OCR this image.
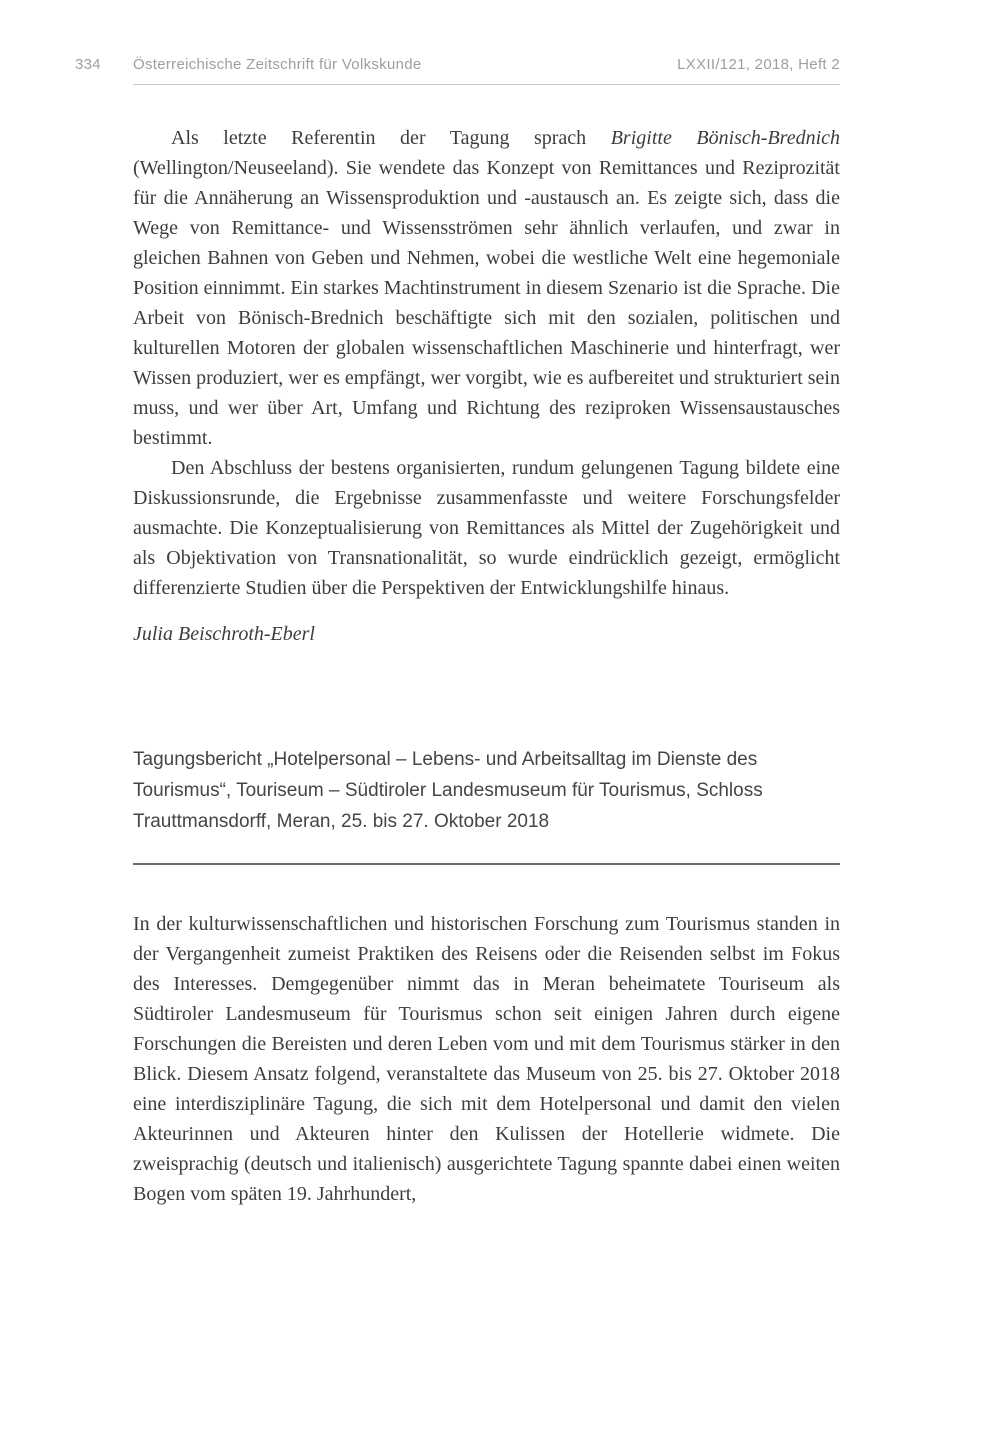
334	Österreichische Zeitschrift für Volkskunde	LXXII/121, 2018, Heft 2

Als letzte Referentin der Tagung sprach Brigitte Bönisch-Brednich (Wellington/Neuseeland). Sie wendete das Konzept von Remittances und Reziprozität für die Annäherung an Wissensproduktion und -austausch an. Es zeigte sich, dass die Wege von Remittance- und Wissensströmen sehr ähnlich verlaufen, und zwar in gleichen Bahnen von Geben und Nehmen, wobei die westliche Welt eine hegemoniale Position einnimmt. Ein starkes Machtinstrument in diesem Szenario ist die Sprache. Die Arbeit von Bönisch-Brednich beschäftigte sich mit den sozialen, politischen und kulturellen Motoren der globalen wissenschaftlichen Maschinerie und hinterfragt, wer Wissen produziert, wer es empfängt, wer vorgibt, wie es aufbereitet und strukturiert sein muss, und wer über Art, Umfang und Richtung des reziproken Wissensaustausches bestimmt.

Den Abschluss der bestens organisierten, rundum gelungenen Tagung bildete eine Diskussionsrunde, die Ergebnisse zusammenfasste und weitere Forschungsfelder ausmachte. Die Konzeptualisierung von Remittances als Mittel der Zugehörigkeit und als Objektivation von Transnationalität, so wurde eindrücklich gezeigt, ermöglicht differenzierte Studien über die Perspektiven der Entwicklungshilfe hinaus.

Julia Beischroth-Eberl

Tagungsbericht „Hotelpersonal – Lebens- und Arbeitsalltag im Dienste des Tourismus“, Touriseum – Südtiroler Landesmuseum für Tourismus, Schloss Trauttmansdorff, Meran, 25. bis 27. Oktober 2018

In der kulturwissenschaftlichen und historischen Forschung zum Tourismus standen in der Vergangenheit zumeist Praktiken des Reisens oder die Reisenden selbst im Fokus des Interesses. Demgegenüber nimmt das in Meran beheimatete Touriseum als Südtiroler Landesmuseum für Tourismus schon seit einigen Jahren durch eigene Forschungen die Bereisten und deren Leben vom und mit dem Tourismus stärker in den Blick. Diesem Ansatz folgend, veranstaltete das Museum von 25. bis 27. Oktober 2018 eine interdisziplinäre Tagung, die sich mit dem Hotelpersonal und damit den vielen Akteurinnen und Akteuren hinter den Kulissen der Hotellerie widmete. Die zweisprachig (deutsch und italienisch) ausgerichtete Tagung spannte dabei einen weiten Bogen vom späten 19. Jahrhundert,
